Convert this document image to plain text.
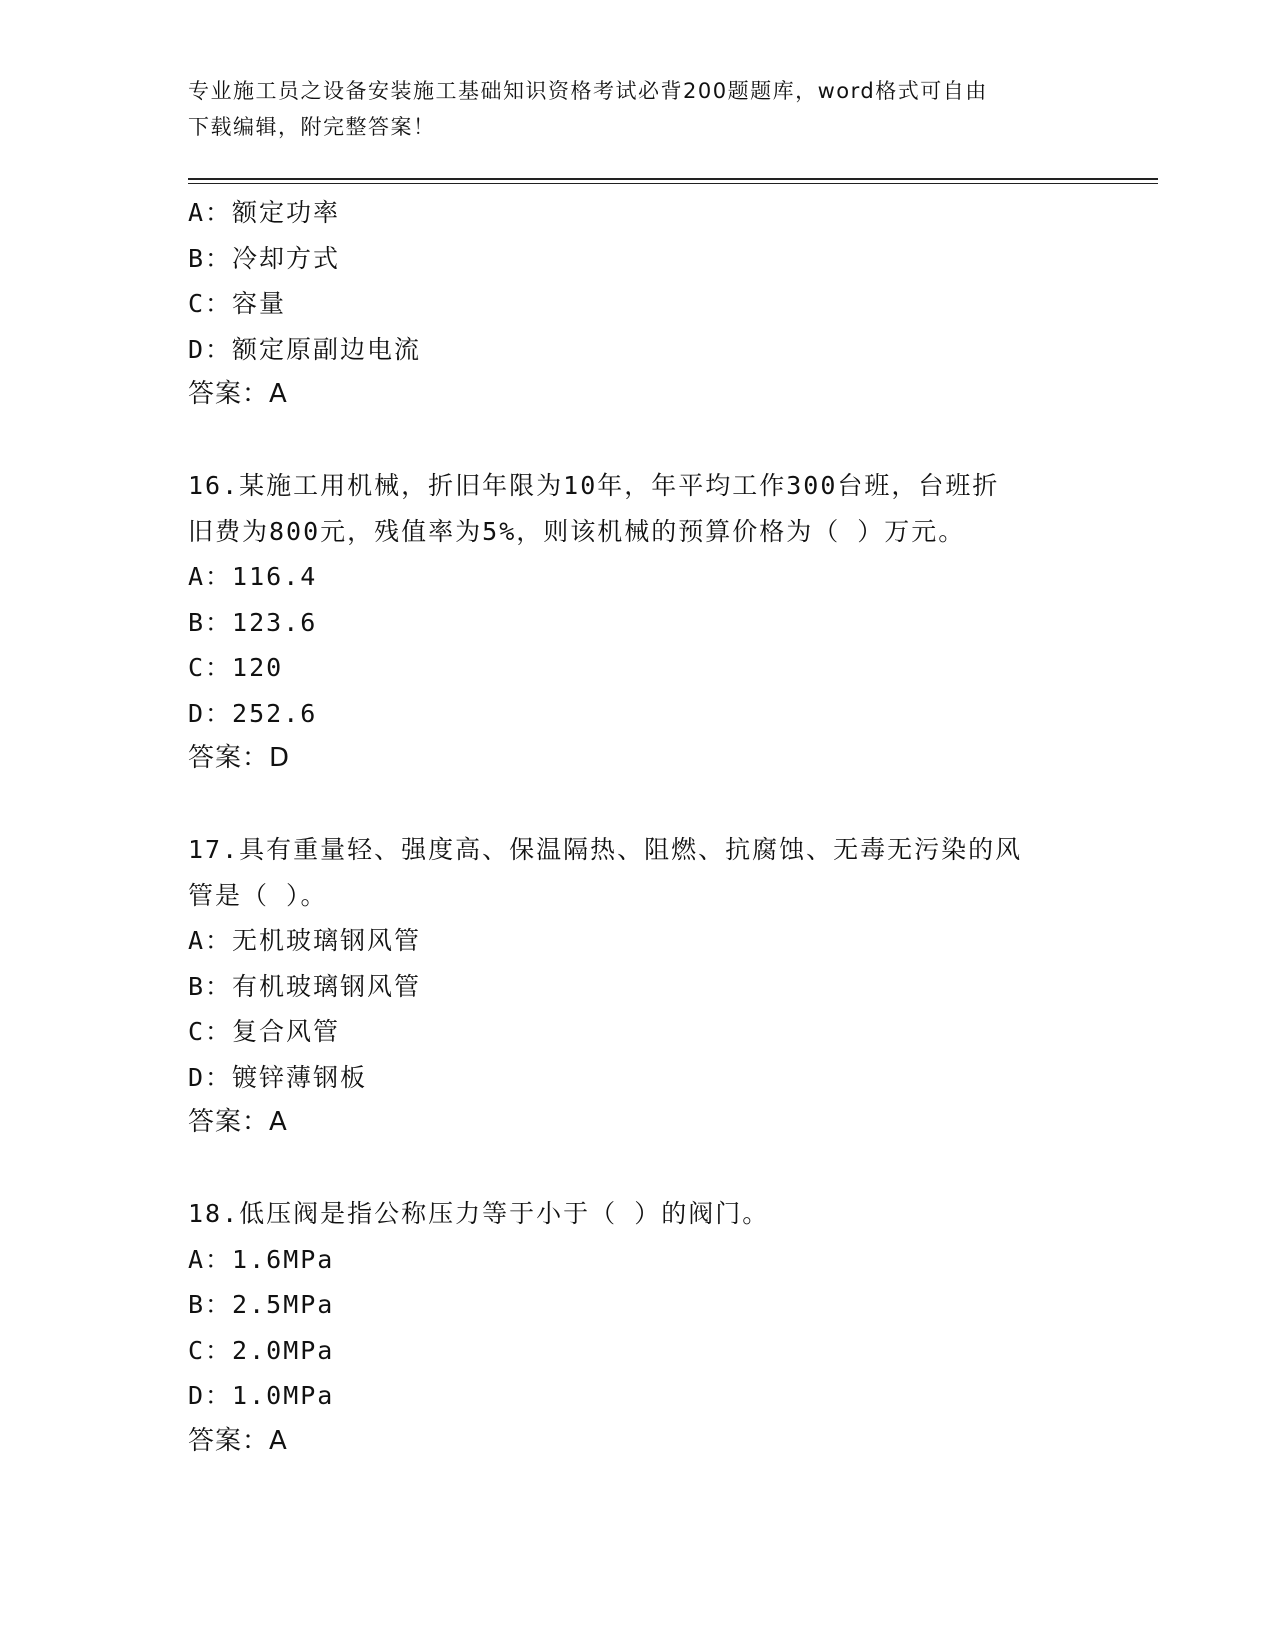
专业施工员之设备安装施工基础知识资格考试必背200题题库，word格式可自由
下载编辑，附完整答案！
A：额定功率
B：冷却方式
C：容量
D：额定原副边电流
答案：A
16.某施工用机械，折旧年限为10年，年平均工作300台班，台班折
旧费为800元，残值率为5%，则该机械的预算价格为（ ）万元。
A：116.4
B：123.6
C：120
D：252.6
答案：D
17.具有重量轻、强度高、保温隔热、阻燃、抗腐蚀、无毒无污染的风
管是（ ）。
A：无机玻璃钢风管
B：有机玻璃钢风管
C：复合风管
D：镀锌薄钢板
答案：A
18.低压阀是指公称压力等于小于（ ）的阀门。
A：1.6MPa
B：2.5MPa
C：2.0MPa
D：1.0MPa
答案：A
